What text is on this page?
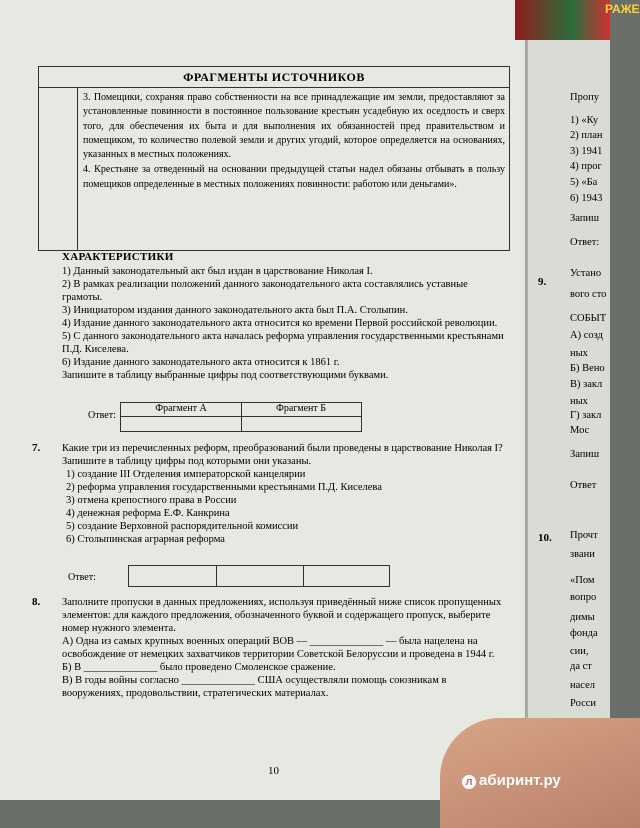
ФРАГМЕНТЫ ИСТОЧНИКОВ

3. Помещики, сохраняя право собственности на все принадлежащие им земли, предоставляют за установленные повинности в постоянное пользование крестьян усадебную их оседлость и сверх того, для обеспечения их быта и для выполнения их обязанностей пред правительством и помещиком, то количество полевой земли и других угодий, которое определяется на основаниях, указанных в местных положениях.

4. Крестьяне за отведенный на основании предыдущей статьи надел обязаны отбывать в пользу помещиков определенные в местных положениях повинности: работою или деньгами».

ХАРАКТЕРИСТИКИ
1) Данный законодательный акт был издан в царствование Николая I.
2) В рамках реализации положений данного законодательного акта составлялись уставные грамоты.
3) Инициатором издания данного законодательного акта был П.А. Столыпин.
4) Издание данного законодательного акта относится ко времени Первой российской революции.
5) С данного законодательного акта началась реформа управления государственными крестьянами П.Д. Киселева.
6) Издание данного законодательного акта относится к 1861 г.
Запишите в таблицу выбранные цифры под соответствующими буквами.
Ответ:
Фрагмент А	Фрагмент Б
7. Какие три из перечисленных реформ, преобразований были проведены в царствование Николая I? Запишите в таблицу цифры под которыми они указаны.
1) создание III Отделения императорской канцелярии
2) реформа управления государственными крестьянами П.Д. Киселева
3) отмена крепостного права в России
4) денежная реформа Е.Ф. Канкрина
5) создание Верховной распорядительной комиссии
6) Столыпинская аграрная реформа
Ответ:
8. Заполните пропуски в данных предложениях, используя приведённый ниже список пропущенных элементов: для каждого предложения, обозначенного буквой и содержащего пропуск, выберите номер нужного элемента.
А) Одна из самых крупных военных операций ВОВ — ______________ — была нацелена на освобождение от немецких захватчиков территории Советской Белоруссии и проведена в 1944 г.
Б) В ______________ было проведено Смоленское сражение.
В) В годы войны согласно ______________ США осуществляли помощь союзникам в вооружениях, продовольствии, стратегических материалах.
10
Пропу
1) «Ку
2) план
3) 1941
4) прог
5) «Ба
6) 1943
Запиш
Ответ:
Устано
вого сто
СОБЫТ
А) созд
ных
Б) Вено
В) закл
ных
Г) закл
Мос
Запиш
Ответ
Прочт
звани
«Пом
вопро
димы
фонда
сии,
да ст
насел
Росси
9.
10.
РАЖЕ
л абиринт.ру
